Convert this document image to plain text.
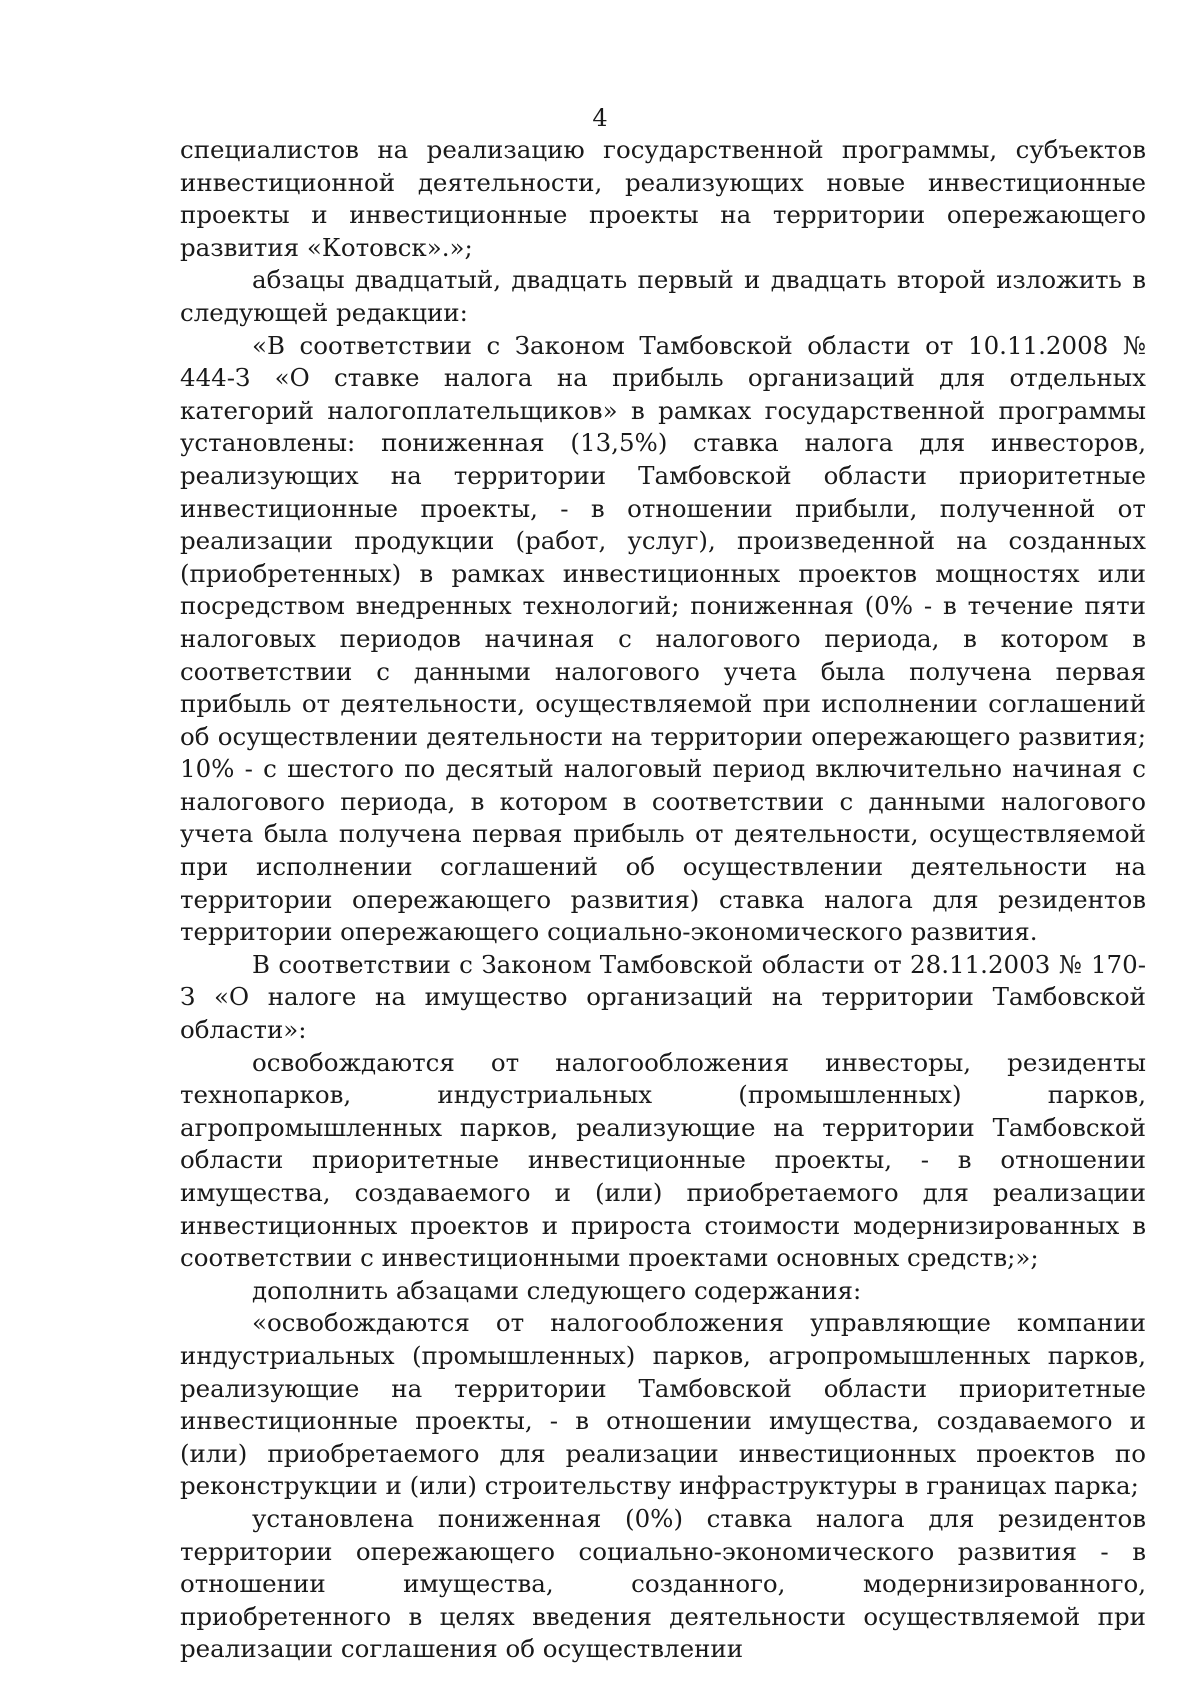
4

специалистов на реализацию государственной программы, субъектов инвестиционной деятельности, реализующих новые инвестиционные проекты и инвестиционные проекты на территории опережающего развития «Котовск».»;

абзацы двадцатый, двадцать первый и двадцать второй изложить в следующей редакции:

«В соответствии с Законом Тамбовской области от 10.11.2008 № 444-З «О ставке налога на прибыль организаций для отдельных категорий налогоплательщиков» в рамках государственной программы установлены: пониженная (13,5%) ставка налога для инвесторов, реализующих на территории Тамбовской области приоритетные инвестиционные проекты, - в отношении прибыли, полученной от реализации продукции (работ, услуг), произведенной на созданных (приобретенных) в рамках инвестиционных проектов мощностях или посредством внедренных технологий; пониженная (0% - в течение пяти налоговых периодов начиная с налогового периода, в котором в соответствии с данными налогового учета была получена первая прибыль от деятельности, осуществляемой при исполнении соглашений об осуществлении деятельности на территории опережающего развития; 10% - с шестого по десятый налоговый период включительно начиная с налогового периода, в котором в соответствии с данными налогового учета была получена первая прибыль от деятельности, осуществляемой при исполнении соглашений об осуществлении деятельности на территории опережающего развития) ставка налога для резидентов территории опережающего социально-экономического развития.

В соответствии с Законом Тамбовской области от 28.11.2003 № 170-З «О налоге на имущество организаций на территории Тамбовской области»:

освобождаются от налогообложения инвесторы, резиденты технопарков, индустриальных (промышленных) парков, агропромышленных парков, реализующие на территории Тамбовской области приоритетные инвестиционные проекты, - в отношении имущества, создаваемого и (или) приобретаемого для реализации инвестиционных проектов и прироста стоимости модернизированных в соответствии с инвестиционными проектами основных средств;»;

дополнить абзацами следующего содержания:

«освобождаются от налогообложения управляющие компании индустриальных (промышленных) парков, агропромышленных парков, реализующие на территории Тамбовской области приоритетные инвестиционные проекты, - в отношении имущества, создаваемого и (или) приобретаемого для реализации инвестиционных проектов по реконструкции и (или) строительству инфраструктуры в границах парка;

установлена пониженная (0%) ставка налога для резидентов территории опережающего социально-экономического развития - в отношении имущества, созданного, модернизированного, приобретенного в целях введения деятельности осуществляемой при реализации соглашения об осуществлении
